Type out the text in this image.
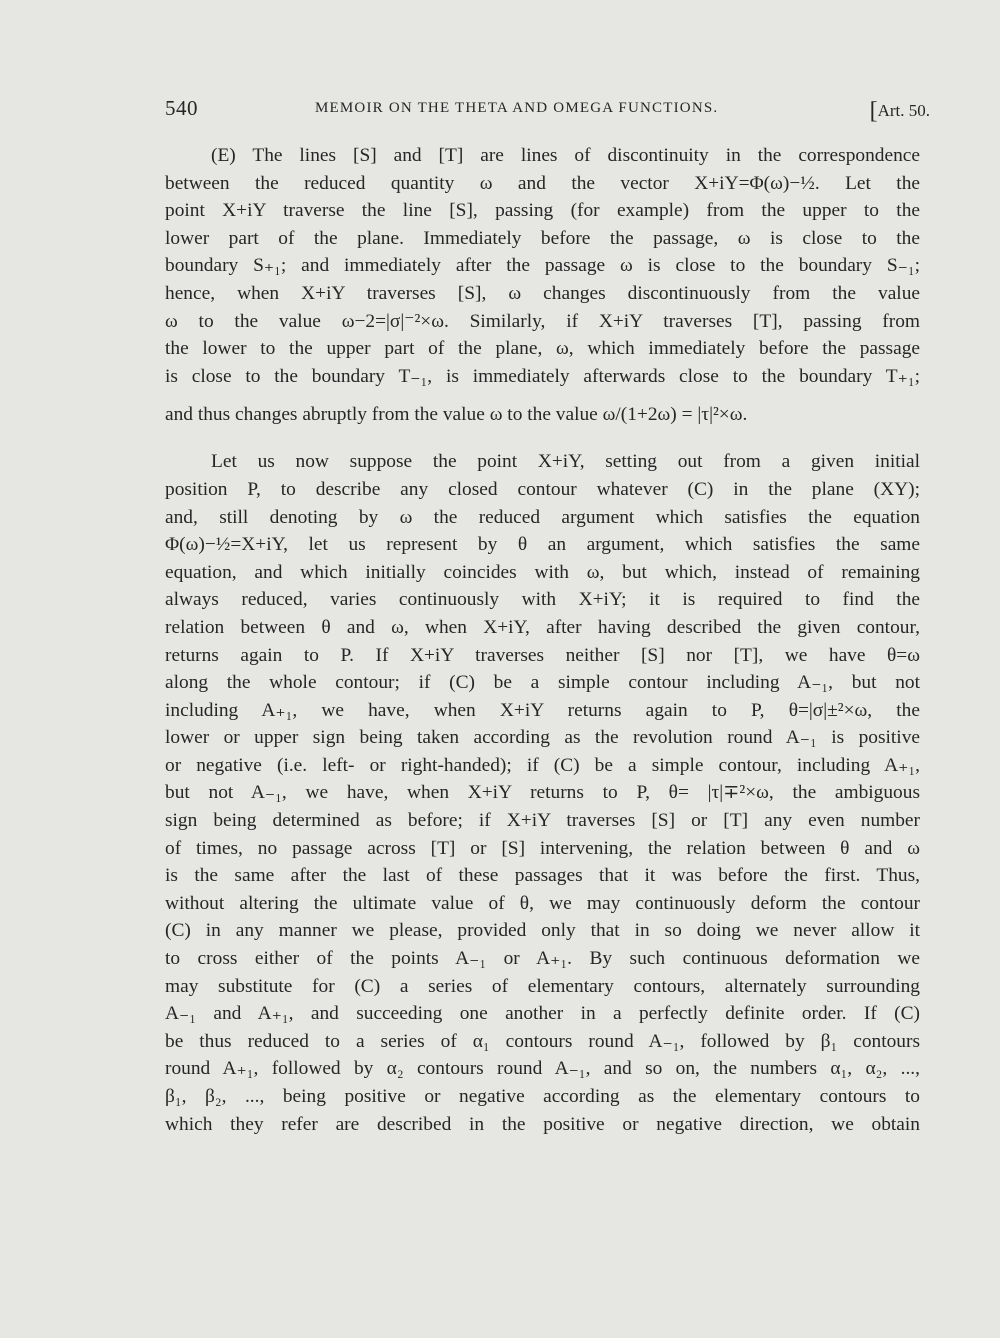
540	MEMOIR ON THE THETA AND OMEGA FUNCTIONS.	[Art. 50.
(E) The lines [S] and [T] are lines of discontinuity in the correspondence
between the reduced quantity ω and the vector X+iY=Φ(ω)−½. Let the
point X+iY traverse the line [S], passing (for example) from the upper to the
lower part of the plane. Immediately before the passage, ω is close to the
boundary S₊₁; and immediately after the passage ω is close to the boundary S₋₁;
hence, when X+iY traverses [S], ω changes discontinuously from the value
ω to the value ω−2=|σ|⁻²×ω. Similarly, if X+iY traverses [T], passing from
the lower to the upper part of the plane, ω, which immediately before the passage
is close to the boundary T₋₁, is immediately afterwards close to the boundary T₊₁;
and thus changes abruptly from the value ω to the value ω/(1+2ω) = |τ|²×ω.
Let us now suppose the point X+iY, setting out from a given initial
position P, to describe any closed contour whatever (C) in the plane (XY);
and, still denoting by ω the reduced argument which satisfies the equation
Φ(ω)−½=X+iY, let us represent by θ an argument, which satisfies the same
equation, and which initially coincides with ω, but which, instead of remaining
always reduced, varies continuously with X+iY; it is required to find the
relation between θ and ω, when X+iY, after having described the given contour,
returns again to P. If X+iY traverses neither [S] nor [T], we have θ=ω
along the whole contour; if (C) be a simple contour including A₋₁, but not
including A₊₁, we have, when X+iY returns again to P, θ=|σ|±²×ω, the
lower or upper sign being taken according as the revolution round A₋₁ is positive
or negative (i.e. left- or right-handed); if (C) be a simple contour, including A₊₁,
but not A₋₁, we have, when X+iY returns to P, θ= |τ|∓²×ω, the ambiguous
sign being determined as before; if X+iY traverses [S] or [T] any even number
of times, no passage across [T] or [S] intervening, the relation between θ and ω
is the same after the last of these passages that it was before the first. Thus,
without altering the ultimate value of θ, we may continuously deform the contour
(C) in any manner we please, provided only that in so doing we never allow it
to cross either of the points A₋₁ or A₊₁. By such continuous deformation we
may substitute for (C) a series of elementary contours, alternately surrounding
A₋₁ and A₊₁, and succeeding one another in a perfectly definite order. If (C)
be thus reduced to a series of α₁ contours round A₋₁, followed by β₁ contours
round A₊₁, followed by α₂ contours round A₋₁, and so on, the numbers α₁, α₂, ...,
β₁, β₂, ..., being positive or negative according as the elementary contours to
which they refer are described in the positive or negative direction, we obtain
